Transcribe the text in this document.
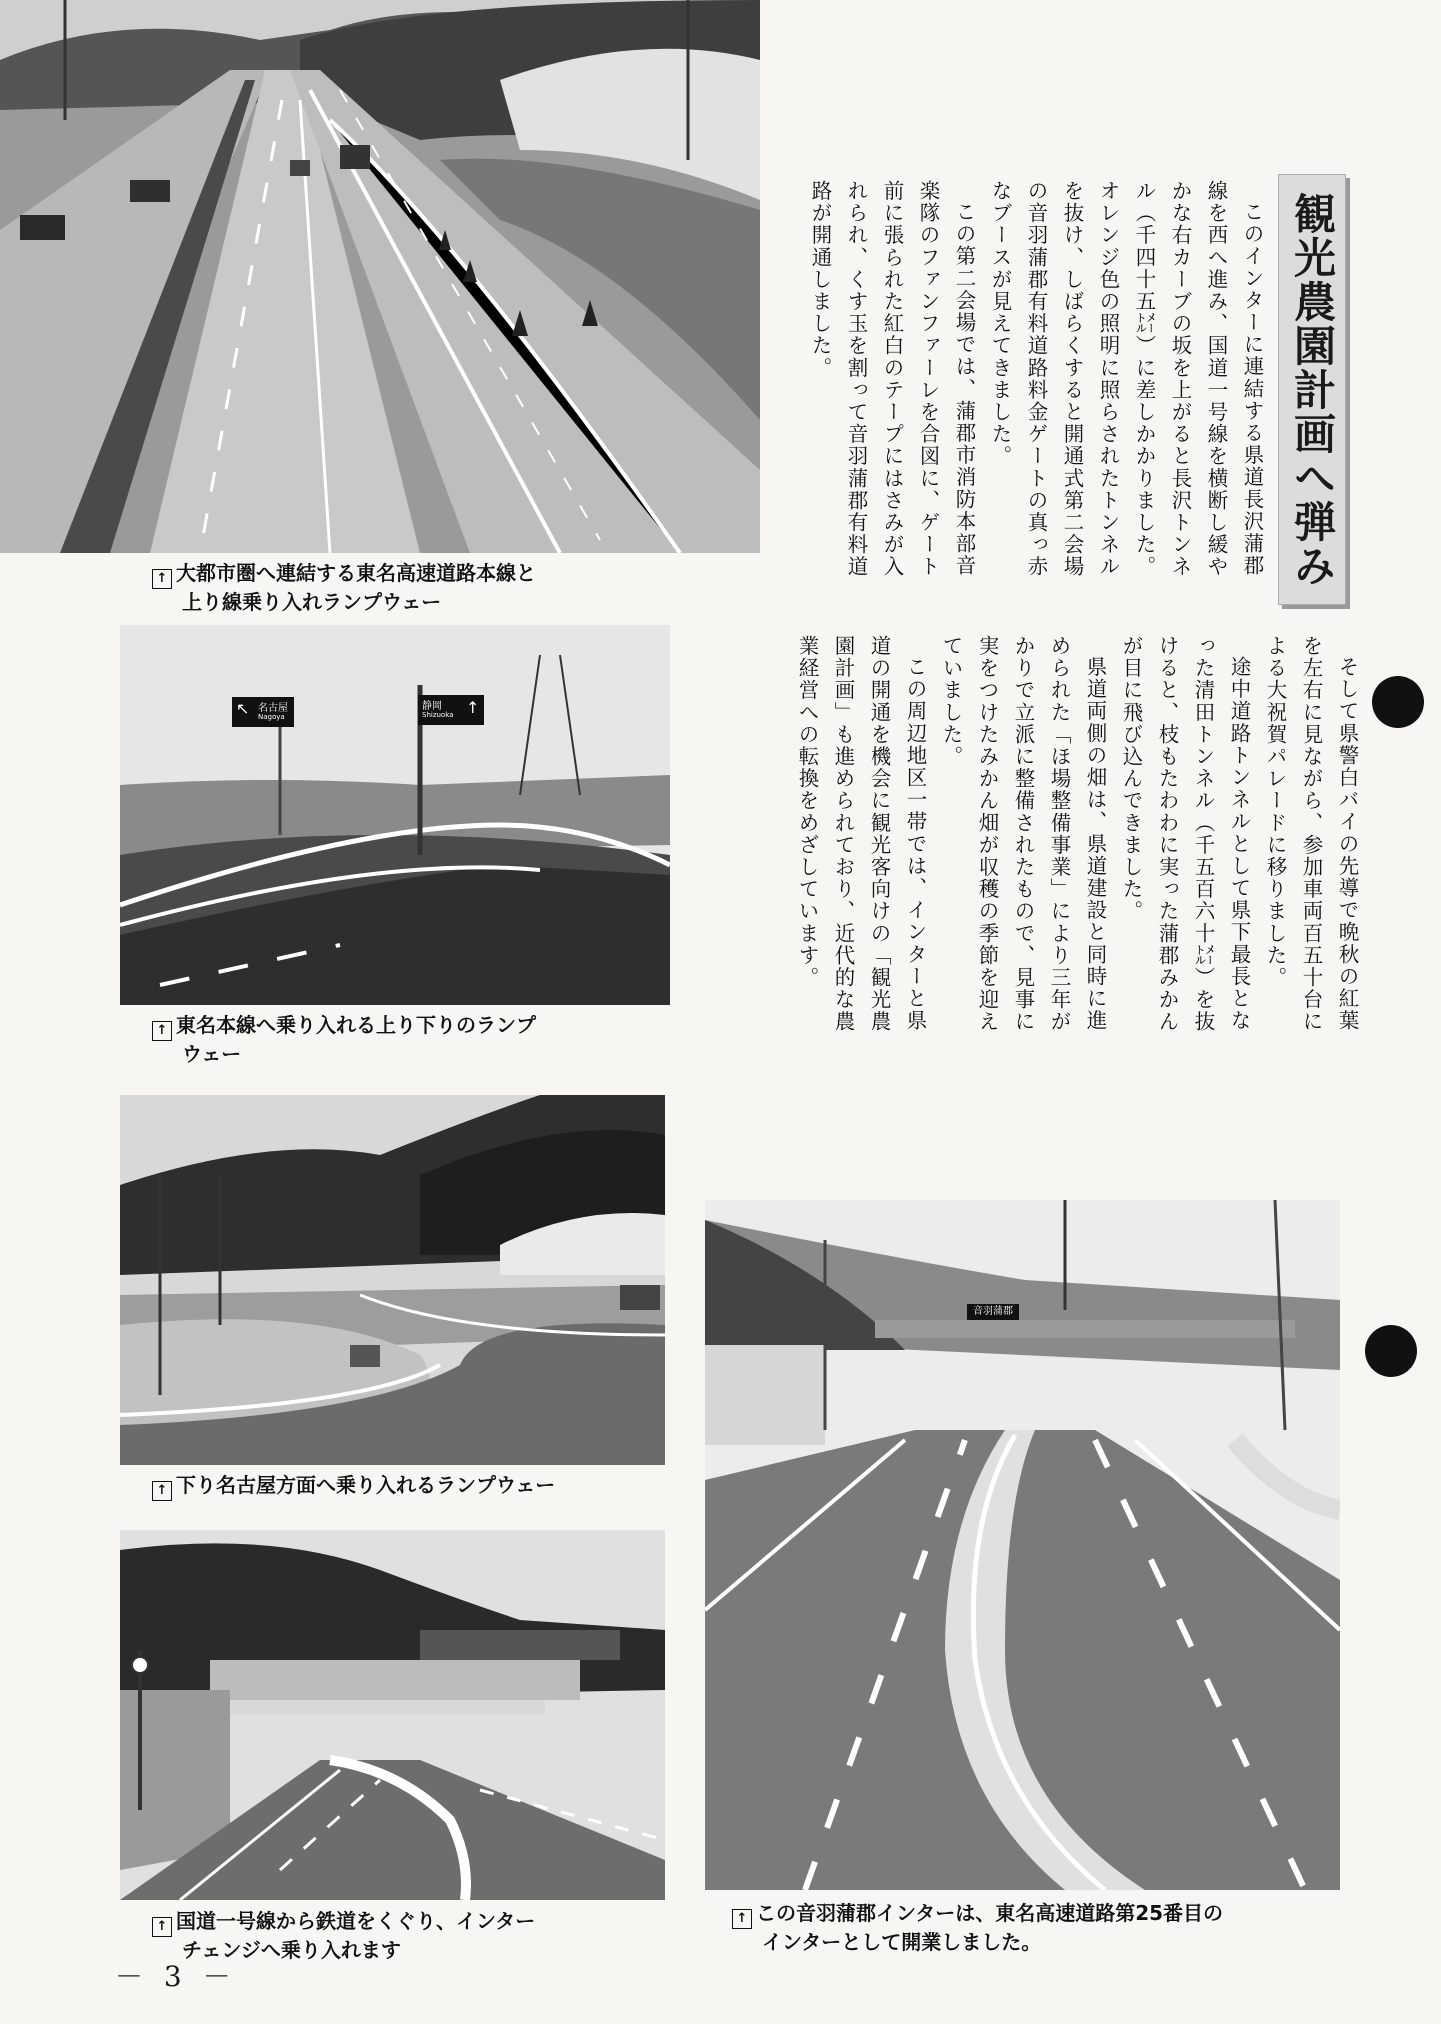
↑ 大都市圏へ連結する東名高速道路本線と
上り線乗り入れランプウェー
↖ 名古屋
Nagoya
静岡
Shizuoka ↑
↑ 東名本線へ乗り入れる上り下りのランプ
ウェー
↑ 下り名古屋方面へ乗り入れるランプウェー
↑ 国道一号線から鉄道をくぐり、インター
チェンジへ乗り入れます
音羽蒲郡
↑ この音羽蒲郡インターは、東名高速道路第25番目の
インターとして開業しました。
観光農園計画へ弾み

このインターに連結する県道長沢蒲郡線を西へ進み、国道一号線を横断し緩やかな右カーブの坂を上がると長沢トンネル（千四十五㍍）に差しかかりました。オレンジ色の照明に照らされたトンネルを抜け、しばらくすると開通式第二会場の音羽蒲郡有料道路料金ゲートの真っ赤なブースが見えてきました。

この第二会場では、蒲郡市消防本部音楽隊のファンファーレを合図に、ゲート前に張られた紅白のテープにはさみが入れられ、くす玉を割って音羽蒲郡有料道路が開通しました。

そして県警白バイの先導で晩秋の紅葉を左右に見ながら、参加車両百五十台による大祝賀パレードに移りました。

途中道路トンネルとして県下最長となった清田トンネル（千五百六十㍍）を抜けると、枝もたわわに実った蒲郡みかんが目に飛び込んできました。

県道両側の畑は、県道建設と同時に進められた「ほ場整備事業」により三年がかりで立派に整備されたもので、見事に実をつけたみかん畑が収穫の季節を迎えていました。

この周辺地区一帯では、インターと県道の開通を機会に観光客向けの「観光農園計画」も進められており、近代的な農業経営への転換をめざしています。

－ 3 －
